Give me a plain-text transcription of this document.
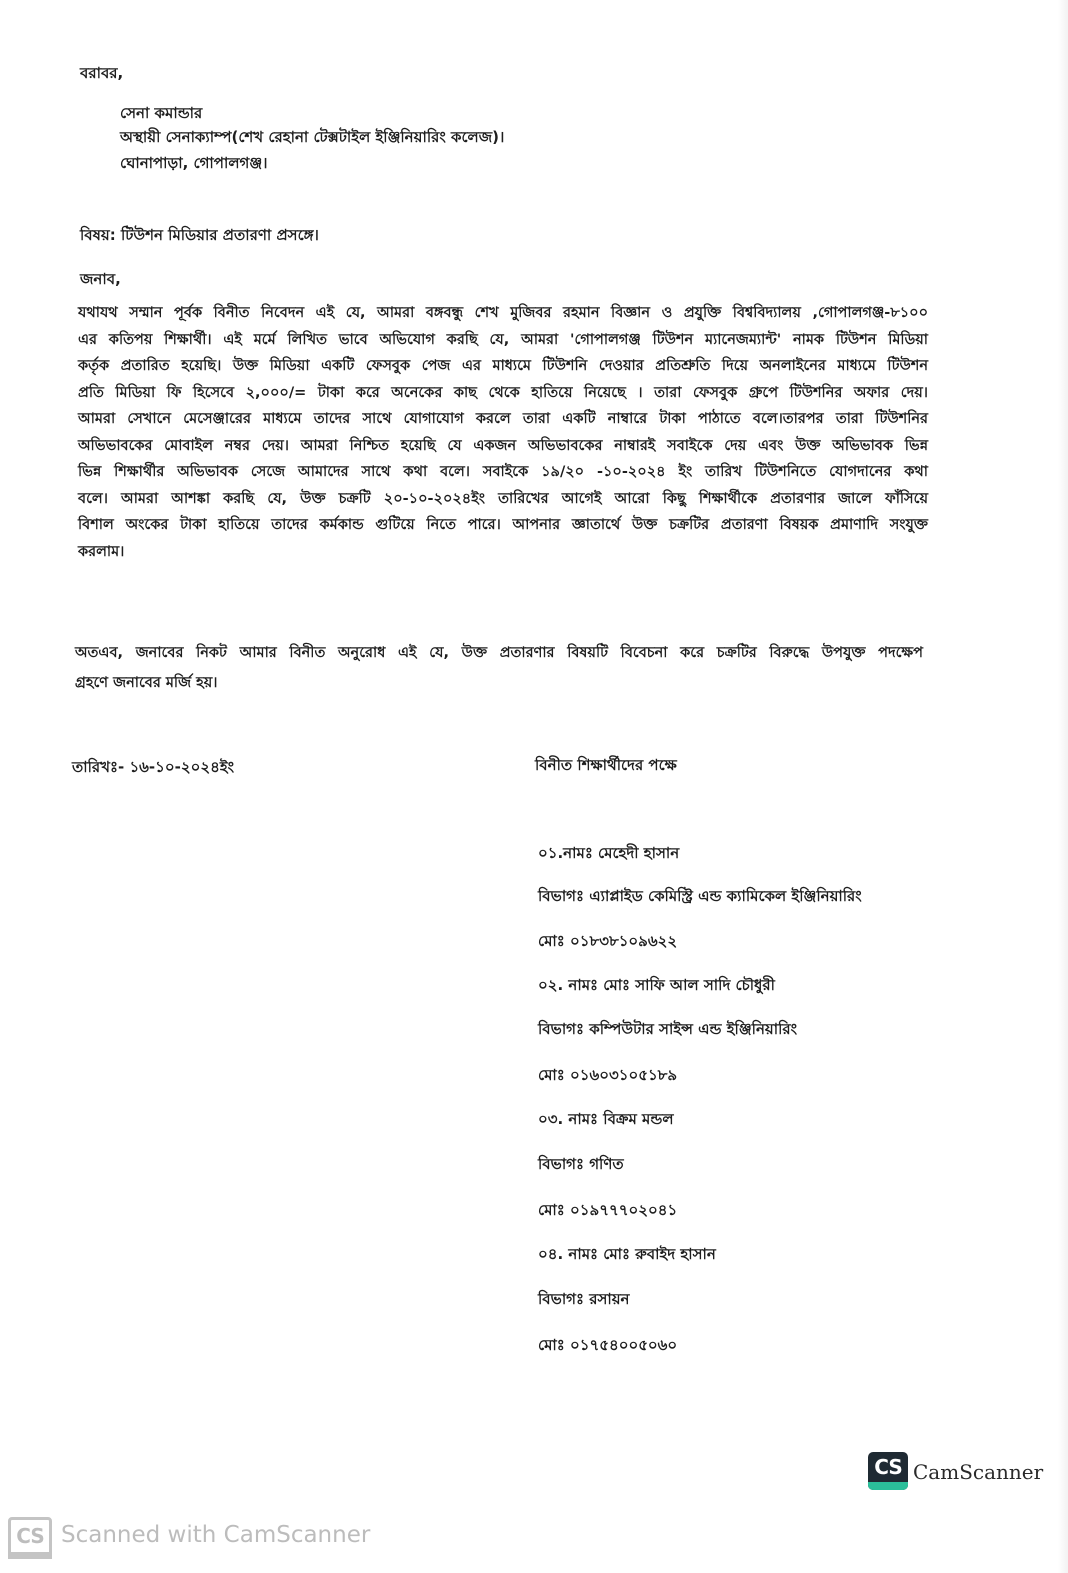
বরাবর,
সেনা কমান্ডার
অস্থায়ী সেনাক্যাম্প(শেখ রেহানা টেক্সটাইল ইঞ্জিনিয়ারিং কলেজ)।
ঘোনাপাড়া, গোপালগঞ্জ।
বিষয়: টিউশন মিডিয়ার প্রতারণা প্রসঙ্গে।
জনাব,
যথাযথ সম্মান পূর্বক বিনীত নিবেদন এই যে, আমরা বঙ্গবন্ধু শেখ মুজিবর রহমান বিজ্ঞান ও প্রযুক্তি বিশ্ববিদ্যালয় ,গোপালগঞ্জ-৮১০০
এর কতিপয় শিক্ষার্থী। এই মর্মে লিখিত ভাবে অভিযোগ করছি যে, আমরা 'গোপালগঞ্জ টিউশন ম্যানেজম্যান্ট' নামক টিউশন মিডিয়া
কর্তৃক প্রতারিত হয়েছি। উক্ত মিডিয়া একটি ফেসবুক পেজ এর মাধ্যমে টিউশনি দেওয়ার প্রতিশ্রুতি দিয়ে অনলাইনের মাধ্যমে টিউশন
প্রতি মিডিয়া ফি হিসেবে ২,০০০/= টাকা করে অনেকের কাছ থেকে হাতিয়ে নিয়েছে । তারা ফেসবুক গ্রুপে টিউশনির অফার দেয়।
আমরা সেখানে মেসেঞ্জারের মাধ্যমে তাদের সাথে যোগাযোগ করলে তারা একটি নাম্বারে টাকা পাঠাতে বলে।তারপর তারা টিউশনির
অভিভাবকের মোবাইল নম্বর দেয়। আমরা নিশ্চিত হয়েছি যে একজন অভিভাবকের নাম্বারই সবাইকে দেয় এবং উক্ত অভিভাবক ভিন্ন
ভিন্ন শিক্ষার্থীর অভিভাবক সেজে আমাদের সাথে কথা বলে। সবাইকে ১৯/২০ -১০-২০২৪ ইং তারিখ টিউশনিতে যোগদানের কথা
বলে। আমরা আশঙ্কা করছি যে, উক্ত চক্রটি ২০-১০-২০২৪ইং তারিখের আগেই আরো কিছু শিক্ষার্থীকে প্রতারণার জালে ফাঁসিয়ে
বিশাল অংকের টাকা হাতিয়ে তাদের কর্মকান্ড গুটিয়ে নিতে পারে। আপনার জ্ঞাতার্থে উক্ত চক্রটির প্রতারণা বিষয়ক প্রমাণাদি সংযুক্ত
করলাম।
অতএব, জনাবের নিকট আমার বিনীত অনুরোধ এই যে, উক্ত প্রতারণার বিষয়টি বিবেচনা করে চক্রটির বিরুদ্ধে উপযুক্ত পদক্ষেপ
গ্রহণে জনাবের মর্জি হয়।
তারিখঃ- ১৬-১০-২০২৪ইং	বিনীত শিক্ষার্থীদের পক্ষে
০১.নামঃ মেহেদী হাসান
বিভাগঃ এ্যাপ্লাইড কেমিস্ট্রি এন্ড ক্যামিকেল ইঞ্জিনিয়ারিং
মোঃ ০১৮৩৮১০৯৬২২
০২. নামঃ মোঃ সাফি আল সাদি চৌধুরী
বিভাগঃ কম্পিউটার সাইন্স এন্ড ইঞ্জিনিয়ারিং
মোঃ ০১৬০৩১০৫১৮৯
০৩. নামঃ বিক্রম মন্ডল
বিভাগঃ গণিত
মোঃ ০১৯৭৭৭০২০৪১
০৪. নামঃ মোঃ রুবাইদ হাসান
বিভাগঃ রসায়ন
মোঃ ০১৭৫৪০০৫০৬০
CS CamScanner
CS Scanned with CamScanner
